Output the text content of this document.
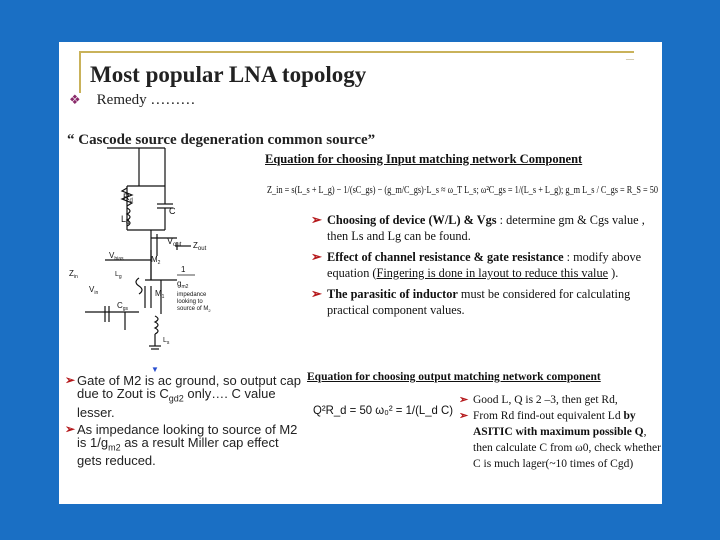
—
Most popular LNA topology
❖ Remedy ………
“ Cascode source degeneration common source”
$R_d$
$L_d$
C
$V_{out}$ $Z_{out}$
$V_{bias}$	$M_2$
$Z_{in}$	$L_g$
$V_{in}$
$C_{gs}$
$M_1$
$L_s$
1
$g_{m2}$
impedance
looking to
source of $M_2$
Equation for choosing Input matching network Component
Z_in = s(L_s + L_g) − 1/(sC_gs) − (g_m/C_gs)·L_s ≈ ω_T L_s; ω²C_gs = 1/(L_s + L_g); g_m L_s / C_gs = R_S = 50
➢ Choosing of device (W/L) & Vgs : determine gm & Cgs value , then Ls and Lg can be found.
➢ Effect of channel resistance & gate resistance : modify above equation (Fingering is done in layout to reduce this value ).
➢ The parasitic of inductor must be considered for calculating practical component values.
▼
➢ Gate of M2 is ac ground, so output cap due to Zout is $C_{gd2}$ only…. C value lesser.
➢ As impedance looking to source of M2 is $1/g_{m2}$ as a result Miller cap effect gets reduced.
Equation for choosing output matching network component
Q²R_d = 50 ω₀² = 1/(L_d C)
➢ Good L, Q is 2 –3, then get Rd,
➢ From Rd find-out equivalent Ld by ASITIC with maximum possible Q, then calculate C from ω0, check whether C is much lager(~10 times of Cgd)
